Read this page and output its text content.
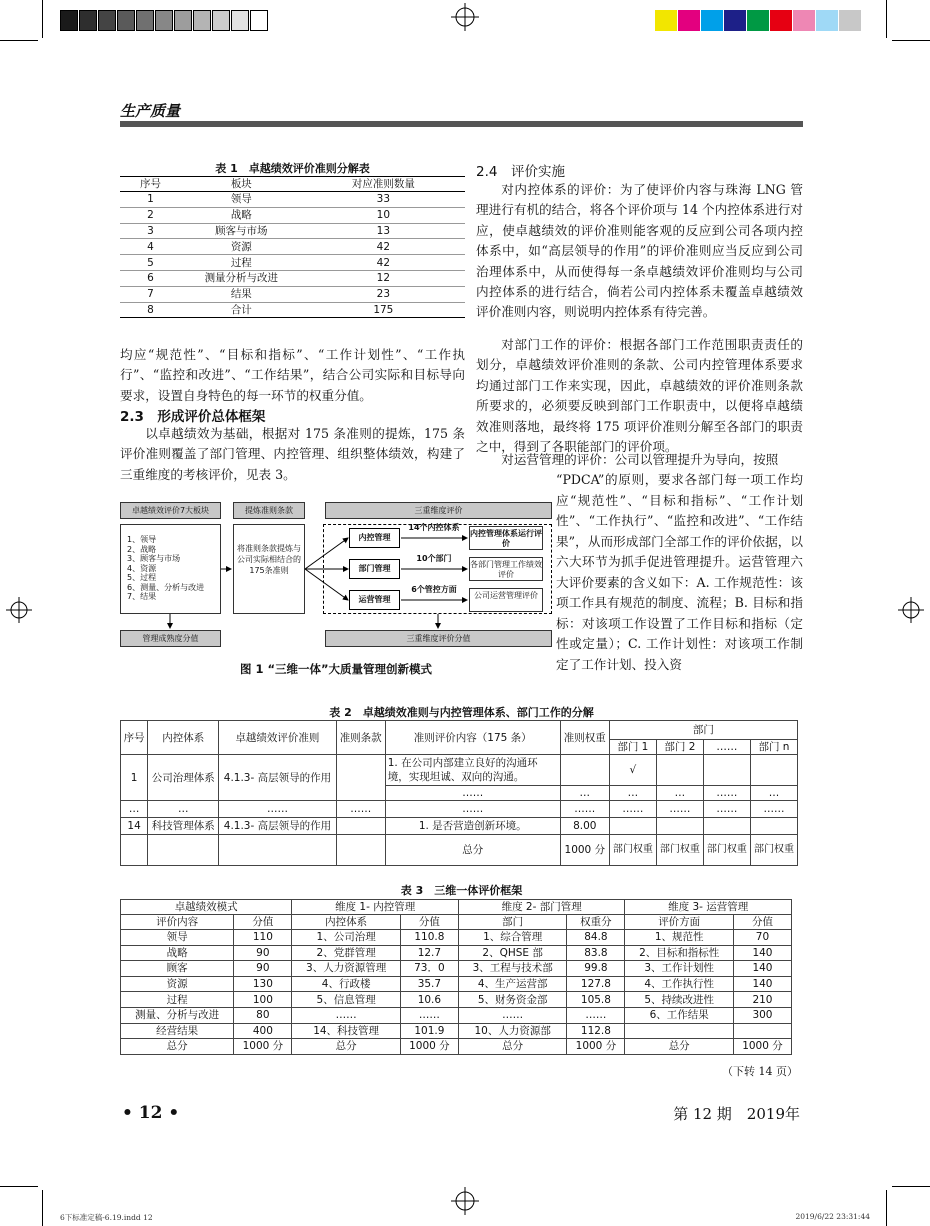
生产质量
表 1　卓越绩效评价准则分解表
序号	板块	对应准则数量
1	领导	33
2	战略	10
3	顾客与市场	13
4	资源	42
5	过程	42
6	测量分析与改进	12
7	结果	23
8	合计	175
均应“规范性”、“目标和指标”、“工作计划性”、“工作执行”、“监控和改进”、“工作结果”，结合公司实际和目标导向要求，设置自身特色的每一环节的权重分值。
2.3　形成评价总体框架
以卓越绩效为基础，根据对 175 条准则的提炼，175 条评价准则覆盖了部门管理、内控管理、组织整体绩效，构建了三重维度的考核评价，见表 3。
2.4　评价实施
对内控体系的评价：为了使评价内容与珠海 LNG 管理进行有机的结合，将各个评价项与 14 个内控体系进行对应，使卓越绩效的评价准则能客观的反应到公司各项内控体系中，如“高层领导的作用”的评价准则应当反应到公司治理体系中，从而使得每一条卓越绩效评价准则均与公司内控体系的进行结合，倘若公司内控体系未覆盖卓越绩效评价准则内容，则说明内控体系有待完善。
对部门工作的评价：根据各部门工作范围职责责任的划分，卓越绩效评价准则的条款、公司内控管理体系要求均通过部门工作来实现，因此，卓越绩效的评价准则条款所要求的，必须要反映到部门工作职责中，以便将卓越绩效准则落地，最终将 175 项评价准则分解至各部门的职责之中，得到了各职能部门的评价项。
对运营管理的评价：公司以管理提升为导向，按照
“PDCA”的原则，要求各部门每一项工作均应“规范性”、“目标和指标”、“工作计划性”、“工作执行”、“监控和改进”、“工作结果”，从而形成部门全部工作的评价依据，以六大环节为抓手促进管理提升。运营管理六大评价要素的含义如下：A. 工作规范性：该项工作具有规范的制度、流程；B. 目标和指标：对该项工作设置了工作目标和指标（定性或定量）；C. 工作计划性：对该项工作制定了工作计划、投入资
卓越绩效评价7大板块
1、领导
2、战略
3、顾客与市场
4、资源
5、过程
6、测量、分析与改进
7、结果
提炼准则条款
将准则条款提炼与公司实际相结合的175条准则
三重维度评价
管理成熟度分值	三重维度评价分值
内控管理
14个内控体系
内控管理体系运行评价
部门管理
10个部门
各部门管理工作绩效评价
运营管理
6个管控方面
公司运营管理评价
图 1 “三维一体”大质量管理创新模式
表 2　卓越绩效准则与内控管理体系、部门工作的分解
序号	内控体系	卓越绩效评价准则	准则条款	准则评价内容（175 条）	准则权重	部门			
						部门 1	部门 2	……	部门 n
1	公司治理体系	4.1.3- 高层领导的作用		1. 在公司内部建立良好的沟通环境，实现坦诚、双向的沟通。		√			
				……	…	…	…	……	…
…	…	……	……	……	……	……	……	……	……
14	科技管理体系	4.1.3- 高层领导的作用		1. 是否营造创新环境。	8.00				
				总分	1000 分	部门权重	部门权重	部门权重	部门权重
表 3　三维一体评价框架
卓越绩效模式		维度 1- 内控管理		维度 2- 部门管理		维度 3- 运营管理	
评价内容	分值	内控体系	分值	部门	权重分	评价方面	分值
领导	110	1、公司治理	110.8	1、综合管理	84.8	1、规范性	70
战略	90	2、党群管理	12.7	2、QHSE 部	83.8	2、目标和指标性	140
顾客	90	3、人力资源管理	73．0	3、工程与技术部	99.8	3、工作计划性	140
资源	130	4、行政楼	35.7	4、生产运营部	127.8	4、工作执行性	140
过程	100	5、信息管理	10.6	5、财务资金部	105.8	5、持续改进性	210
测量、分析与改进	80	……	……	……	……	6、工作结果	300
经营结果	400	14、科技管理	101.9	10、人力资源部	112.8		
总分	1000 分	总分	1000 分	总分	1000 分	总分	1000 分
（下转 14 页）
• 12 •	第 12 期　2019年
6下标准定稿-6.19.indd 12	2019/6/22 23:31:44
